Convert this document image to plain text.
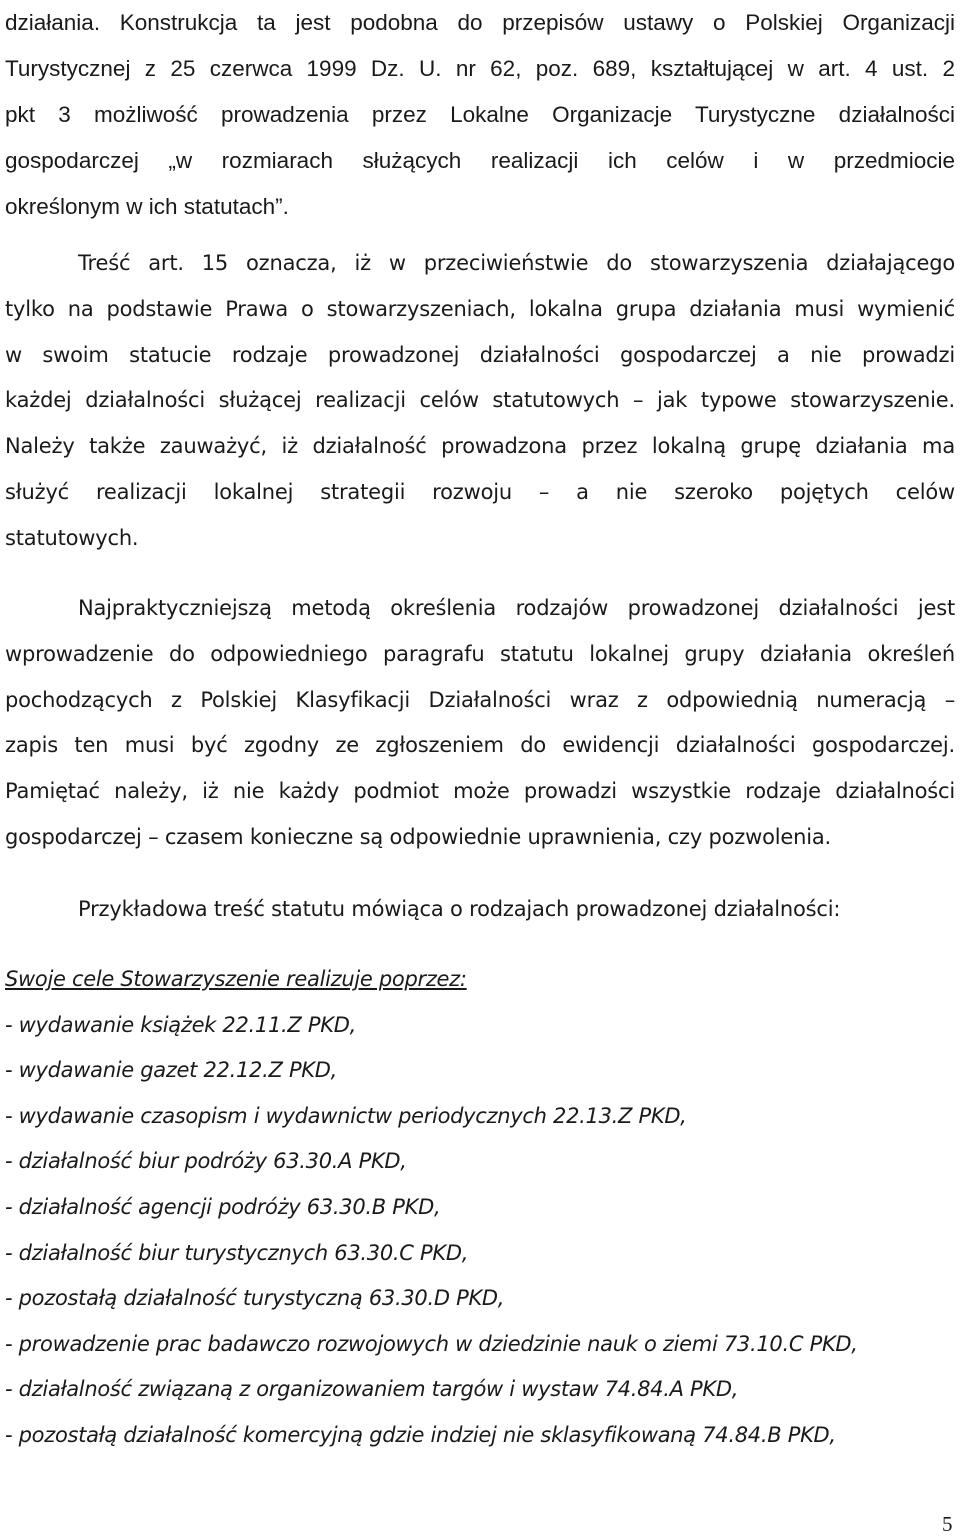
działania. Konstrukcja ta jest podobna do przepisów ustawy o Polskiej Organizacji
Turystycznej z 25 czerwca 1999 Dz. U. nr 62, poz. 689, kształtującej w art. 4 ust. 2
pkt 3 możliwość prowadzenia przez Lokalne Organizacje Turystyczne działalności
gospodarczej „w rozmiarach służących realizacji ich celów i w przedmiocie
określonym w ich statutach”.
Treść art. 15 oznacza, iż w przeciwieństwie do stowarzyszenia działającego
tylko na podstawie Prawa o stowarzyszeniach, lokalna grupa działania musi wymienić
w swoim statucie rodzaje prowadzonej działalności gospodarczej a nie prowadzi
każdej działalności służącej realizacji celów statutowych – jak typowe stowarzyszenie.
Należy także zauważyć, iż działalność prowadzona przez lokalną grupę działania ma
służyć realizacji lokalnej strategii rozwoju – a nie szeroko pojętych celów
statutowych.
Najpraktyczniejszą metodą określenia rodzajów prowadzonej działalności jest
wprowadzenie do odpowiedniego paragrafu statutu lokalnej grupy działania określeń
pochodzących z Polskiej Klasyfikacji Działalności wraz z odpowiednią numeracją –
zapis ten musi być zgodny ze zgłoszeniem do ewidencji działalności gospodarczej.
Pamiętać należy, iż nie każdy podmiot może prowadzi wszystkie rodzaje działalności
gospodarczej – czasem konieczne są odpowiednie uprawnienia, czy pozwolenia.
Przykładowa treść statutu mówiąca o rodzajach prowadzonej działalności:
Swoje cele Stowarzyszenie realizuje poprzez:
- wydawanie książek 22.11.Z PKD,
- wydawanie gazet 22.12.Z PKD,
- wydawanie czasopism i wydawnictw periodycznych 22.13.Z PKD,
- działalność biur podróży 63.30.A PKD,
- działalność agencji podróży 63.30.B PKD,
- działalność biur turystycznych 63.30.C PKD,
- pozostałą działalność turystyczną 63.30.D PKD,
- prowadzenie prac badawczo rozwojowych w dziedzinie nauk o ziemi 73.10.C PKD,
- działalność związaną z organizowaniem targów i wystaw 74.84.A PKD,
- pozostałą działalność komercyjną gdzie indziej nie sklasyfikowaną 74.84.B PKD,
5
